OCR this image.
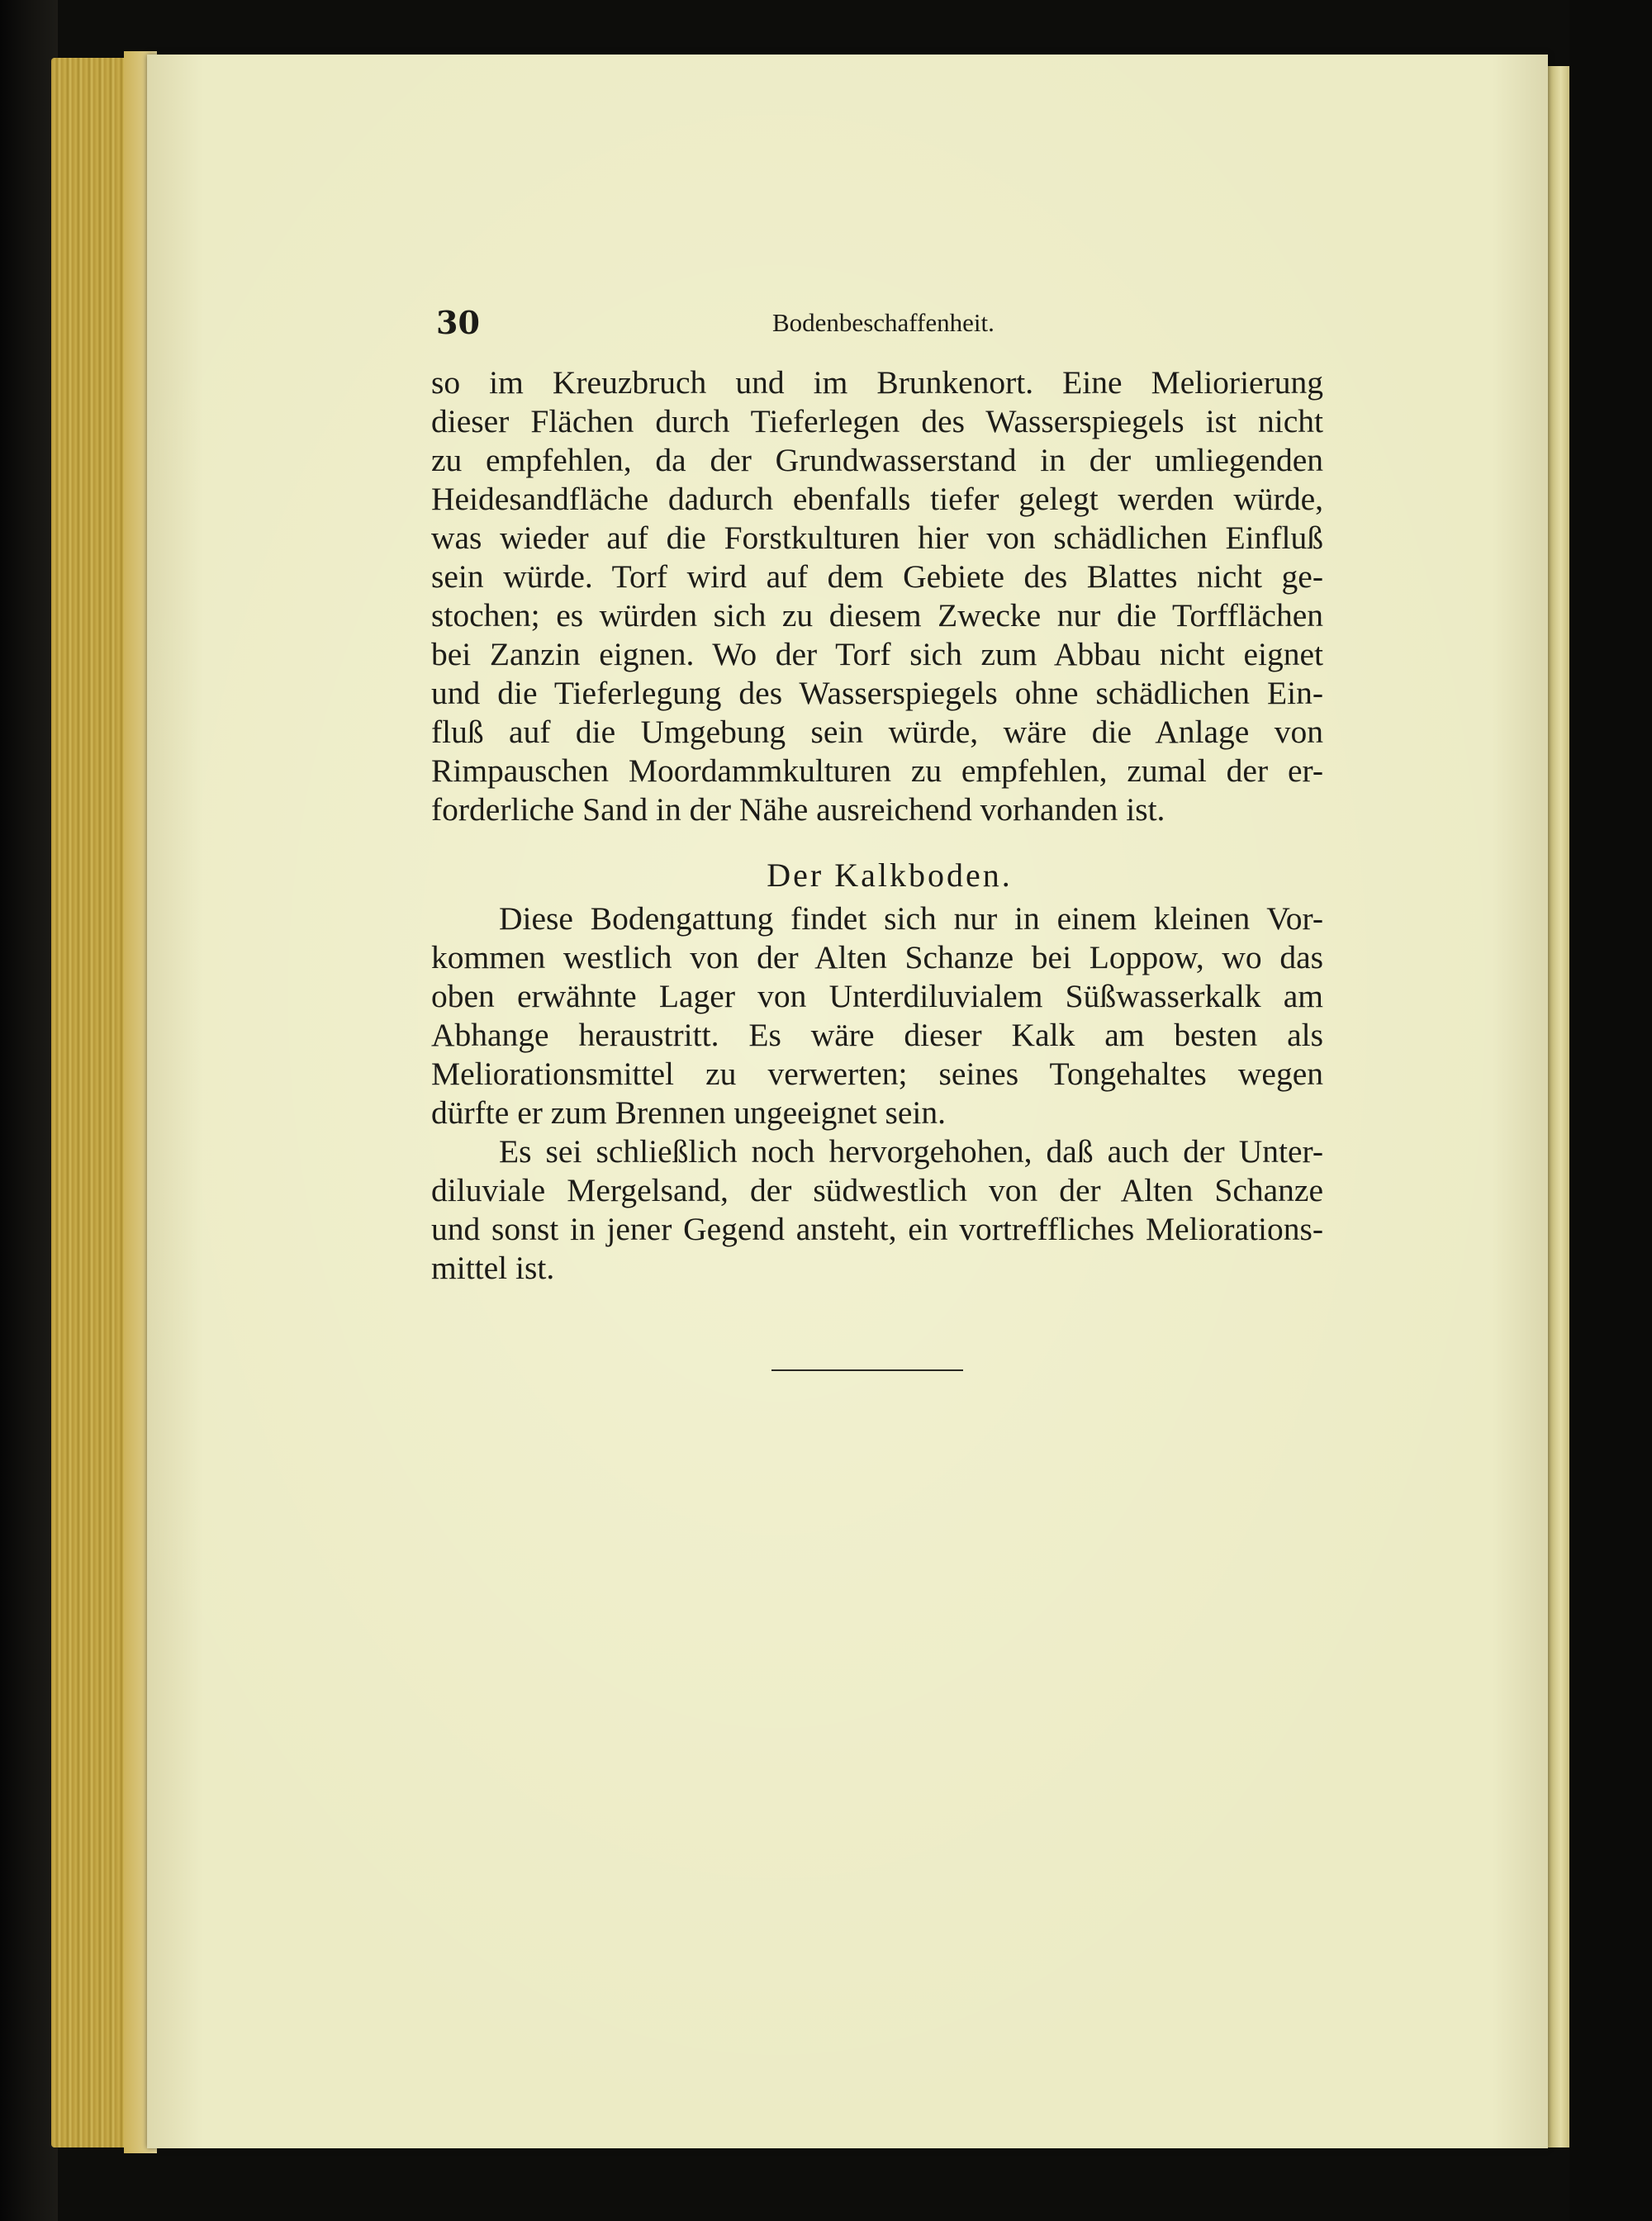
30	Bodenbeschaffenheit.
so im Kreuzbruch und im Brunkenort. Eine Meliorierung
dieser Flächen durch Tieferlegen des Wasserspiegels ist nicht
zu empfehlen, da der Grundwasserstand in der umliegenden
Heidesandfläche dadurch ebenfalls tiefer gelegt werden würde,
was wieder auf die Forstkulturen hier von schädlichen Einfluß
sein würde. Torf wird auf dem Gebiete des Blattes nicht ge-
stochen; es würden sich zu diesem Zwecke nur die Torfflächen
bei Zanzin eignen. Wo der Torf sich zum Abbau nicht eignet
und die Tieferlegung des Wasserspiegels ohne schädlichen Ein-
fluß auf die Umgebung sein würde, wäre die Anlage von
Rimpauschen Moordammkulturen zu empfehlen, zumal der er-
forderliche Sand in der Nähe ausreichend vorhanden ist.
Der Kalkboden.
Diese Bodengattung findet sich nur in einem kleinen Vor-
kommen westlich von der Alten Schanze bei Loppow, wo das
oben erwähnte Lager von Unterdiluvialem Süßwasserkalk am
Abhange heraustritt. Es wäre dieser Kalk am besten als
Meliorationsmittel zu verwerten; seines Tongehaltes wegen
dürfte er zum Brennen ungeeignet sein.
Es sei schließlich noch hervorgehohen, daß auch der Unter-
diluviale Mergelsand, der südwestlich von der Alten Schanze
und sonst in jener Gegend ansteht, ein vortreffliches Meliorations-
mittel ist.
